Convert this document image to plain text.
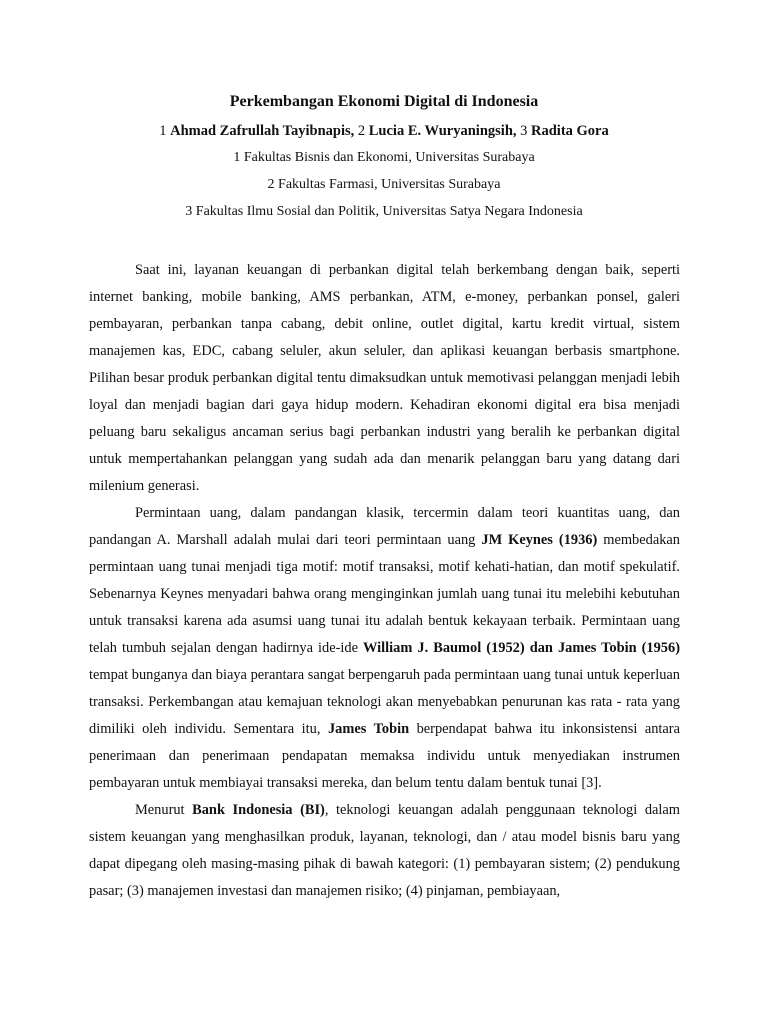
Perkembangan Ekonomi Digital di Indonesia
1 Ahmad Zafrullah Tayibnapis, 2 Lucia E. Wuryaningsih, 3 Radita Gora
1 Fakultas Bisnis dan Ekonomi, Universitas Surabaya
2 Fakultas Farmasi, Universitas Surabaya
3 Fakultas Ilmu Sosial dan Politik, Universitas Satya Negara Indonesia

Saat ini, layanan keuangan di perbankan digital telah berkembang dengan baik, seperti internet banking, mobile banking, AMS perbankan, ATM, e-money, perbankan ponsel, galeri pembayaran, perbankan tanpa cabang, debit online, outlet digital, kartu kredit virtual, sistem manajemen kas, EDC, cabang seluler, akun seluler, dan aplikasi keuangan berbasis smartphone. Pilihan besar produk perbankan digital tentu dimaksudkan untuk memotivasi pelanggan menjadi lebih loyal dan menjadi bagian dari gaya hidup modern. Kehadiran ekonomi digital era bisa menjadi peluang baru sekaligus ancaman serius bagi perbankan industri yang beralih ke perbankan digital untuk mempertahankan pelanggan yang sudah ada dan menarik pelanggan baru yang datang dari milenium generasi.

Permintaan uang, dalam pandangan klasik, tercermin dalam teori kuantitas uang, dan pandangan A. Marshall adalah mulai dari teori permintaan uang JM Keynes (1936) membedakan permintaan uang tunai menjadi tiga motif: motif transaksi, motif kehati-hatian, dan motif spekulatif. Sebenarnya Keynes menyadari bahwa orang menginginkan jumlah uang tunai itu melebihi kebutuhan untuk transaksi karena ada asumsi uang tunai itu adalah bentuk kekayaan terbaik. Permintaan uang telah tumbuh sejalan dengan hadirnya ide-ide William J. Baumol (1952) dan James Tobin (1956) tempat bunganya dan biaya perantara sangat berpengaruh pada permintaan uang tunai untuk keperluan transaksi. Perkembangan atau kemajuan teknologi akan menyebabkan penurunan kas rata - rata yang dimiliki oleh individu. Sementara itu, James Tobin berpendapat bahwa itu inkonsistensi antara penerimaan dan penerimaan pendapatan memaksa individu untuk menyediakan instrumen pembayaran untuk membiayai transaksi mereka, dan belum tentu dalam bentuk tunai [3].

Menurut Bank Indonesia (BI), teknologi keuangan adalah penggunaan teknologi dalam sistem keuangan yang menghasilkan produk, layanan, teknologi, dan / atau model bisnis baru yang dapat dipegang oleh masing-masing pihak di bawah kategori: (1) pembayaran sistem; (2) pendukung pasar; (3) manajemen investasi dan manajemen risiko; (4) pinjaman, pembiayaan,
